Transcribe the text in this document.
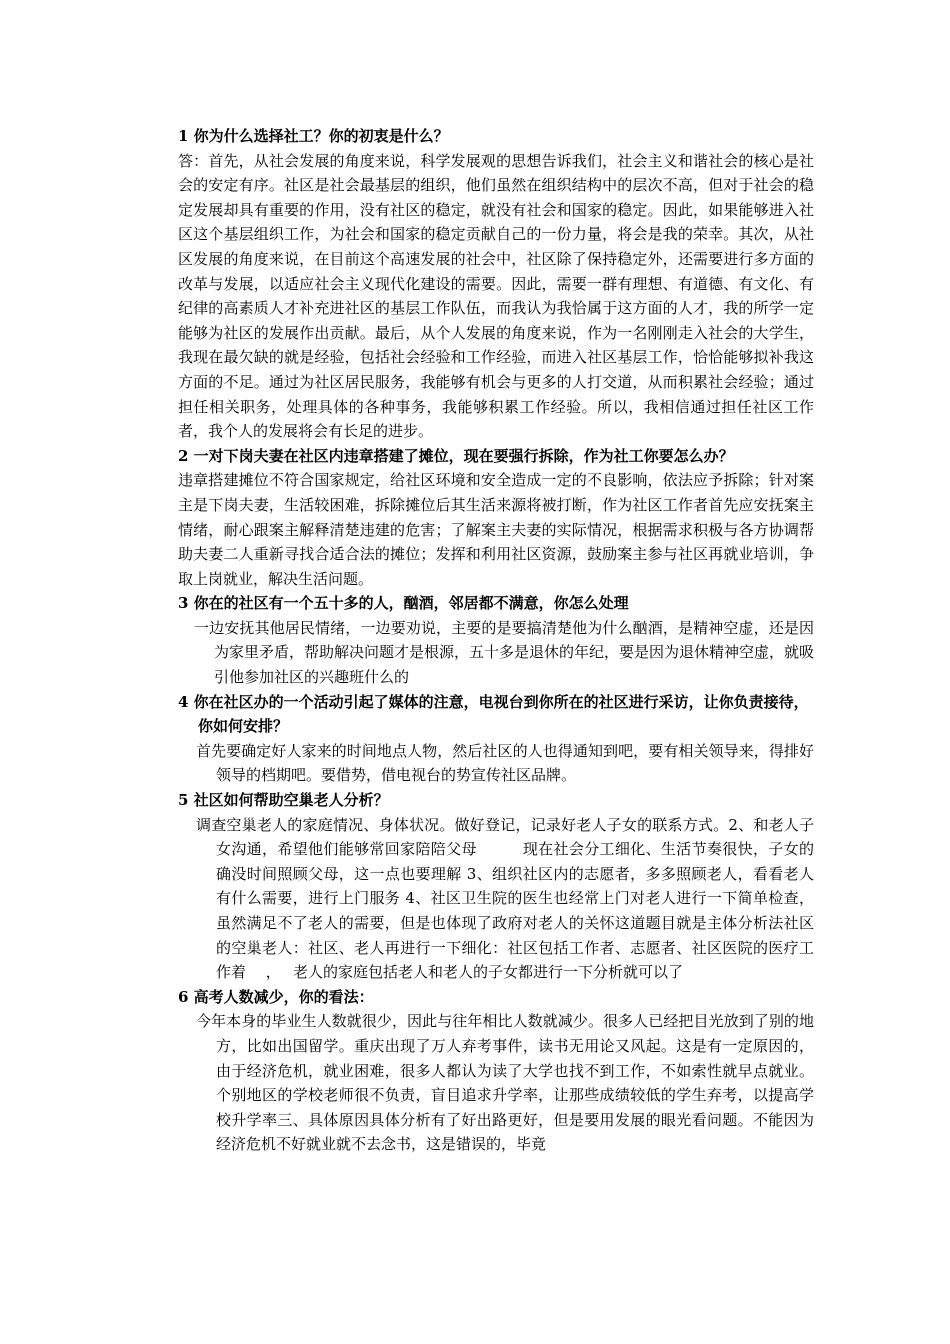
1 你为什么选择社工？你的初衷是什么？

答：首先，从社会发展的角度来说，科学发展观的思想告诉我们，社会主义和谐社会的核心是社会的安定有序。社区是社会最基层的组织，他们虽然在组织结构中的层次不高，但对于社会的稳定发展却具有重要的作用，没有社区的稳定，就没有社会和国家的稳定。因此，如果能够进入社区这个基层组织工作，为社会和国家的稳定贡献自己的一份力量，将会是我的荣幸。其次，从社区发展的角度来说，在目前这个高速发展的社会中，社区除了保持稳定外，还需要进行多方面的改革与发展，以适应社会主义现代化建设的需要。因此，需要一群有理想、有道德、有文化、有纪律的高素质人才补充进社区的基层工作队伍，而我认为我恰属于这方面的人才，我的所学一定能够为社区的发展作出贡献。最后，从个人发展的角度来说，作为一名刚刚走入社会的大学生，我现在最欠缺的就是经验，包括社会经验和工作经验，而进入社区基层工作，恰恰能够拟补我这方面的不足。通过为社区居民服务，我能够有机会与更多的人打交道，从而积累社会经验；通过担任相关职务，处理具体的各种事务，我能够积累工作经验。所以，我相信通过担任社区工作者，我个人的发展将会有长足的进步。

2 一对下岗夫妻在社区内违章搭建了摊位，现在要强行拆除，作为社工你要怎么办？

违章搭建摊位不符合国家规定，给社区环境和安全造成一定的不良影响，依法应予拆除；针对案主是下岗夫妻，生活较困难，拆除摊位后其生活来源将被打断，作为社区工作者首先应安抚案主情绪，耐心跟案主解释清楚违建的危害；了解案主夫妻的实际情况，根据需求积极与各方协调帮助夫妻二人重新寻找合适合法的摊位；发挥和利用社区资源，鼓励案主参与社区再就业培训，争取上岗就业，解决生活问题。

3 你在的社区有一个五十多的人，酗酒，邻居都不满意，你怎么处理

一边安抚其他居民情绪，一边要劝说，主要的是要搞清楚他为什么酗酒，是精神空虚，还是因为家里矛盾，帮助解决问题才是根源，五十多是退休的年纪，要是因为退休精神空虚，就吸引他参加社区的兴趣班什么的

4 你在社区办的一个活动引起了媒体的注意，电视台到你所在的社区进行采访，让你负责接待，你如何安排？

首先要确定好人家来的时间地点人物，然后社区的人也得通知到吧，要有相关领导来，得排好领导的档期吧。要借势，借电视台的势宣传社区品牌。

5 社区如何帮助空巢老人分析？

调查空巢老人的家庭情况、身体状况。做好登记，记录好老人子女的联系方式。2、和老人子女沟通，希望他们能够常回家陪陪父母　　　现在社会分工细化、生活节奏很快，子女的确没时间照顾父母，这一点也要理解 3、组织社区内的志愿者，多多照顾老人，看看老人有什么需要，进行上门服务 4、社区卫生院的医生也经常上门对老人进行一下简单检查，虽然满足不了老人的需要，但是也体现了政府对老人的关怀这道题目就是主体分析法社区的空巢老人：社区、老人再进行一下细化：社区包括工作者、志愿者、社区医院的医疗工作着　 ，　 老人的家庭包括老人和老人的子女都进行一下分析就可以了

6 高考人数减少，你的看法：

今年本身的毕业生人数就很少，因此与往年相比人数就减少。很多人已经把目光放到了别的地方，比如出国留学。重庆出现了万人弃考事件，读书无用论又风起。这是有一定原因的，由于经济危机，就业困难，很多人都认为读了大学也找不到工作，不如索性就早点就业。个别地区的学校老师很不负责，盲目追求升学率，让那些成绩较低的学生弃考，以提高学校升学率三、具体原因具体分析有了好出路更好，但是要用发展的眼光看问题。不能因为经济危机不好就业就不去念书，这是错误的，毕竟
